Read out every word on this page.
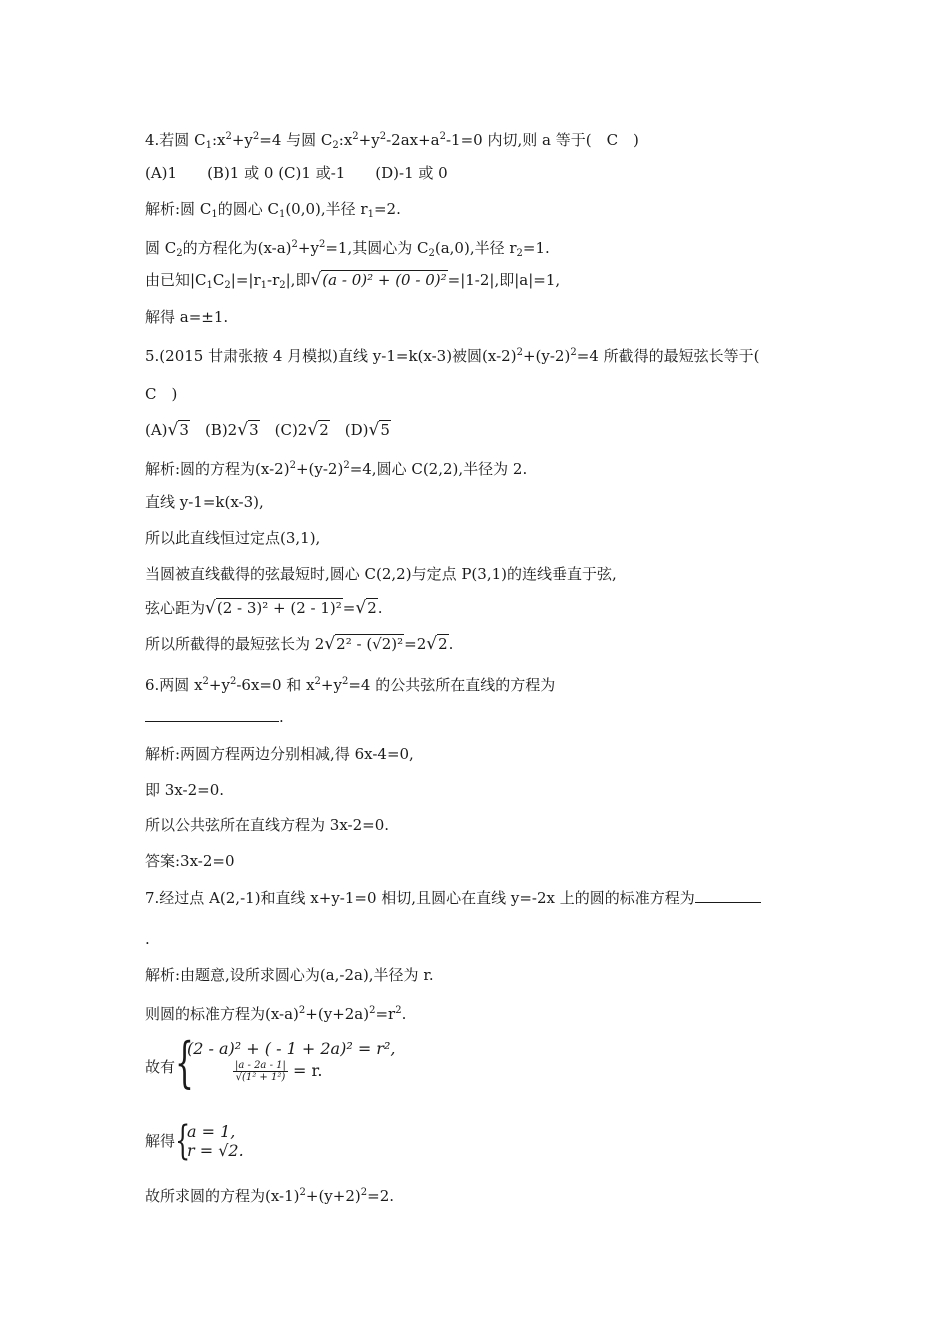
4.若圆 $C_1:x^2+y^2=4$ 与圆 $C_2:x^2+y^2-2ax+a^2-1=0$ 内切,则 a 等于(　C　)
(A)1　　(B)1 或 0 (C)1 或-1　　(D)-1 或 0
解析:圆 $C_1$的圆心 $C_1(0,0)$,半径 $r_1=2$.
圆 $C_2$的方程化为$(x-a)^2+y^2=1$,其圆心为 $C_2(a,0)$,半径 $r_2=1$.
由已知$|C_1C_2|=|r_1-r_2|$,即√(a - 0)² + (0 - 0)²=|1-2|,即|a|=1,
解得 a=±1.
5.(2015 甘肃张掖 4 月模拟)直线 y-1=k(x-3)被圆$(x-2)^2+(y-2)^2=4$ 所截得的最短弦长等于(
C　)
(A)√3　(B)2√3　(C)2√2　(D)√5
解析:圆的方程为$(x-2)^2+(y-2)^2=4$,圆心 C(2,2),半径为 2.
直线 y-1=k(x-3),
所以此直线恒过定点(3,1),
当圆被直线截得的弦最短时,圆心 C(2,2)与定点 P(3,1)的连线垂直于弦,
弦心距为√(2 - 3)² + (2 - 1)²=√2.
所以所截得的最短弦长为 2√2² - (√2)²=2√2.
6.两圆 $x^2+y^2-6x=0$ 和 $x^2+y^2=4$ 的公共弦所在直线的方程为
.
解析:两圆方程两边分别相减,得 6x-4=0,
即 3x-2=0.
所以公共弦所在直线方程为 3x-2=0.
答案:3x-2=0
7.经过点 A(2,-1)和直线 x+y-1=0 相切,且圆心在直线 y=-2x 上的圆的标准方程为
.
解析:由题意,设所求圆心为(a,-2a),半径为 r.
则圆的标准方程为$(x-a)^2+(y+2a)^2=r^2$.
故有 {
(2 - a)² + ( - 1 + 2a)² = r²,
$\frac{|a - 2a - 1|}{\text{√(1² + 1²)}} = r$.
解得 {
a = 1,
r = √2.
故所求圆的方程为$(x-1)^2+(y+2)^2=2$.
